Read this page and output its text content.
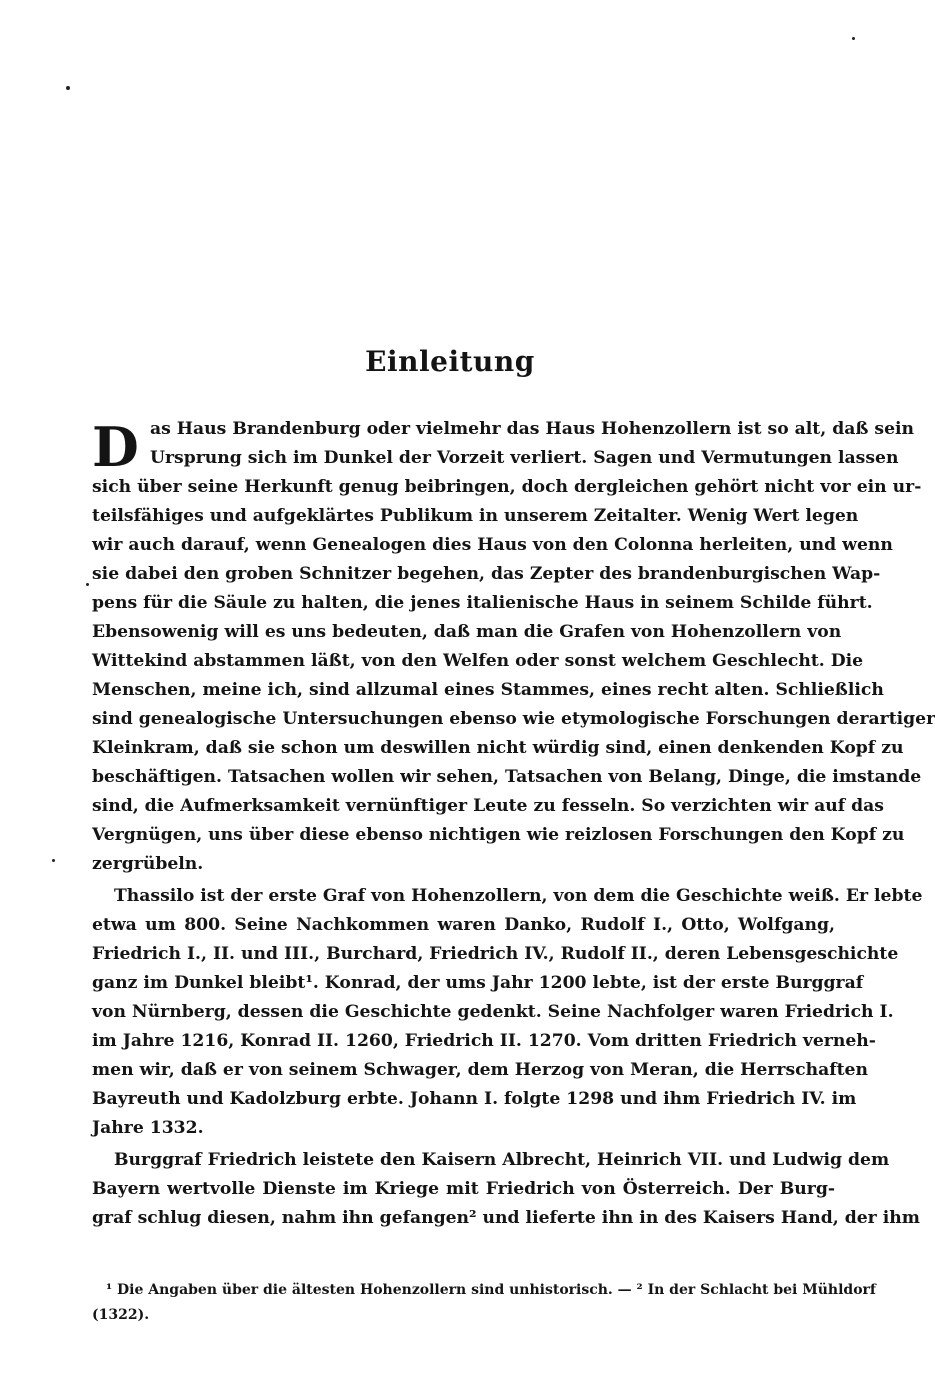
Einleitung
D as Haus Brandenburg oder vielmehr das Haus Hohenzollern ist so alt, daß sein
Ursprung sich im Dunkel der Vorzeit verliert. Sagen und Vermutungen lassen
sich über seine Herkunft genug beibringen, doch dergleichen gehört nicht vor ein ur-
teilsfähiges und aufgeklärtes Publikum in unserem Zeitalter. Wenig Wert legen
wir auch darauf, wenn Genealogen dies Haus von den Colonna herleiten, und wenn
sie dabei den groben Schnitzer begehen, das Zepter des brandenburgischen Wap-
pens für die Säule zu halten, die jenes italienische Haus in seinem Schilde führt.
Ebensowenig will es uns bedeuten, daß man die Grafen von Hohenzollern von
Wittekind abstammen läßt, von den Welfen oder sonst welchem Geschlecht. Die
Menschen, meine ich, sind allzumal eines Stammes, eines recht alten. Schließlich
sind genealogische Untersuchungen ebenso wie etymologische Forschungen derartiger
Kleinkram, daß sie schon um deswillen nicht würdig sind, einen denkenden Kopf zu
beschäftigen. Tatsachen wollen wir sehen, Tatsachen von Belang, Dinge, die imstande
sind, die Aufmerksamkeit vernünftiger Leute zu fesseln. So verzichten wir auf das
Vergnügen, uns über diese ebenso nichtigen wie reizlosen Forschungen den Kopf zu
zergrübeln.
Thassilo ist der erste Graf von Hohenzollern, von dem die Geschichte weiß. Er lebte
etwa um 800. Seine Nachkommen waren Danko, Rudolf I., Otto, Wolfgang,
Friedrich I., II. und III., Burchard, Friedrich IV., Rudolf II., deren Lebensgeschichte
ganz im Dunkel bleibt¹. Konrad, der ums Jahr 1200 lebte, ist der erste Burggraf
von Nürnberg, dessen die Geschichte gedenkt. Seine Nachfolger waren Friedrich I.
im Jahre 1216, Konrad II. 1260, Friedrich II. 1270. Vom dritten Friedrich verneh-
men wir, daß er von seinem Schwager, dem Herzog von Meran, die Herrschaften
Bayreuth und Kadolzburg erbte. Johann I. folgte 1298 und ihm Friedrich IV. im
Jahre 1332.
Burggraf Friedrich leistete den Kaisern Albrecht, Heinrich VII. und Ludwig dem
Bayern wertvolle Dienste im Kriege mit Friedrich von Österreich. Der Burg-
graf schlug diesen, nahm ihn gefangen² und lieferte ihn in des Kaisers Hand, der ihm
¹ Die Angaben über die ältesten Hohenzollern sind unhistorisch. — ² In der Schlacht bei Mühldorf
(1322).
